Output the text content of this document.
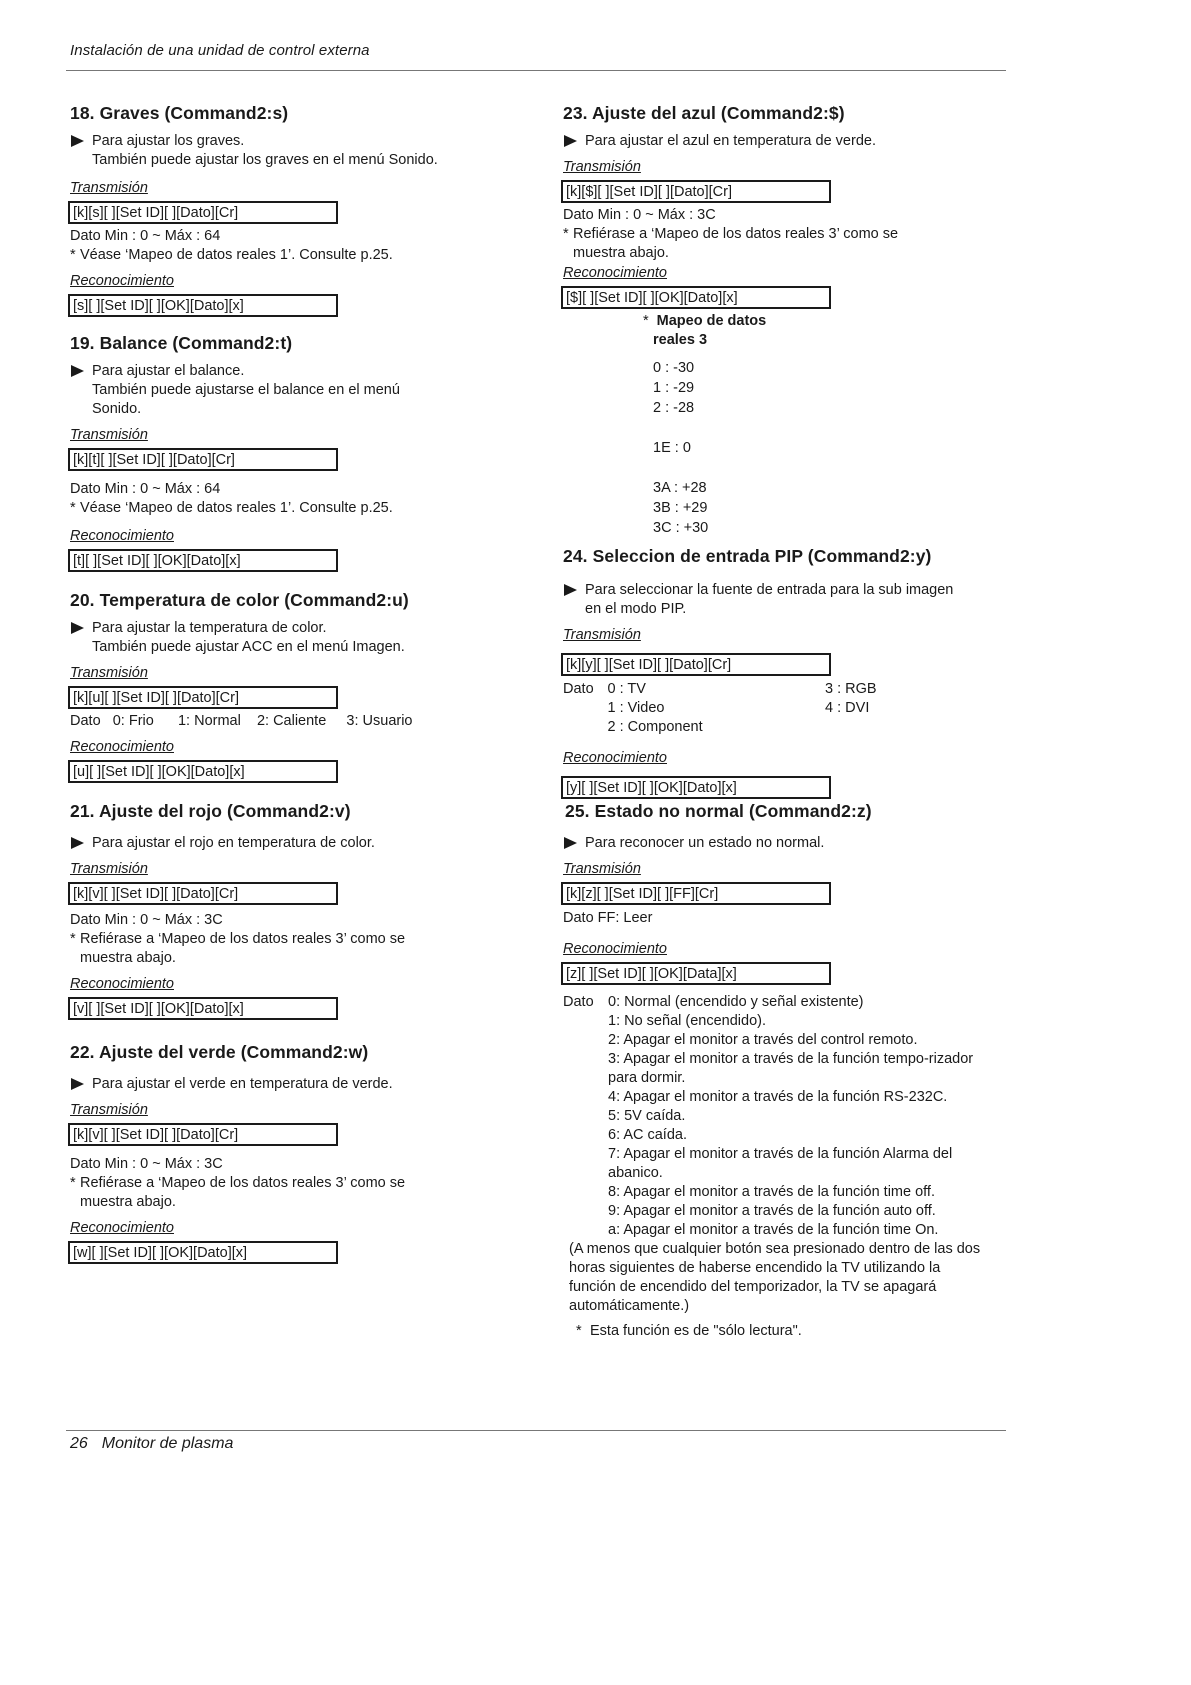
Instalación de una unidad de control externa
18. Graves (Command2:s)
Para ajustar los graves.
También puede ajustar los graves en el menú Sonido.
Transmisión
[k][s][ ][Set ID][ ][Dato][Cr]
Dato Min : 0 ~ Máx : 64
* Véase ‘Mapeo de datos reales 1’. Consulte p.25.
Reconocimiento
[s][ ][Set ID][ ][OK][Dato][x]
19. Balance (Command2:t)
Para ajustar el balance.
También puede ajustarse el balance en el menú Sonido.
Transmisión
[k][t][ ][Set ID][ ][Dato][Cr]
Dato Min : 0 ~ Máx : 64
* Véase ‘Mapeo de datos reales 1’. Consulte p.25.
Reconocimiento
[t][ ][Set ID][ ][OK][Dato][x]
20. Temperatura de color (Command2:u)
Para ajustar la temperatura de color.
También puede ajustar ACC en el menú Imagen.
Transmisión
[k][u][ ][Set ID][ ][Dato][Cr]
Dato   0: Frio      1: Normal    2: Caliente     3: Usuario
Reconocimiento
[u][ ][Set ID][ ][OK][Dato][x]
21. Ajuste del rojo (Command2:v)
Para ajustar el rojo en temperatura de color.
Transmisión
[k][v][ ][Set ID][ ][Dato][Cr]
Dato Min : 0 ~ Máx : 3C
* Refiérase a ‘Mapeo de los datos reales 3’ como se muestra abajo.
Reconocimiento
[v][ ][Set ID][ ][OK][Dato][x]
22. Ajuste del verde (Command2:w)
Para ajustar el verde en temperatura de verde.
Transmisión
[k][v][ ][Set ID][ ][Dato][Cr]
Dato Min : 0 ~ Máx : 3C
* Refiérase a ‘Mapeo de los datos reales 3’ como se muestra abajo.
Reconocimiento
[w][ ][Set ID][ ][OK][Dato][x]
23. Ajuste del azul (Command2:$)
Para ajustar el azul en temperatura de verde.
Transmisión
[k][$][ ][Set ID][ ][Dato][Cr]
Dato Min : 0 ~ Máx : 3C
* Refiérase a ‘Mapeo de los datos reales 3’ como se muestra abajo.
Reconocimiento
[$][ ][Set ID][ ][OK][Dato][x]
* Mapeo de datos
reales 3
0 : -30
1 : -29
2 : -28
1E : 0
3A : +28
3B : +29
3C : +30
24. Seleccion de entrada PIP (Command2:y)
Para seleccionar la fuente de entrada para la sub imagen en el modo PIP.
Transmisión
[k][y][ ][Set ID][ ][Dato][Cr]
Dato 0 : TV	3 : RGB
1 : Video	4 : DVI
2 : Component
Reconocimiento
[y][ ][Set ID][ ][OK][Dato][x]
25. Estado no normal (Command2:z)
Para reconocer un estado no normal.
Transmisión
[k][z][ ][Set ID][ ][FF][Cr]
Dato FF: Leer
Reconocimiento
[z][ ][Set ID][ ][OK][Data][x]
Dato 0: Normal (encendido y señal existente)
1: No señal (encendido).
2: Apagar el monitor a través del control remoto.
3: Apagar el monitor a través de la función tempo-rizador para dormir.
4: Apagar el monitor a través de la función RS-232C.
5: 5V caída.
6: AC caída.
7: Apagar el monitor a través de la función Alarma del abanico.
8: Apagar el monitor a través de la función time off.
9: Apagar el monitor a través de la función auto off.
a: Apagar el monitor a través de la función time On.
(A menos que cualquier botón sea presionado dentro de las dos horas siguientes de haberse encendido la TV utilizando la función de encendido del temporizador, la TV se apagará automáticamente.)
* Esta función es de "sólo lectura".
26 Monitor de plasma
